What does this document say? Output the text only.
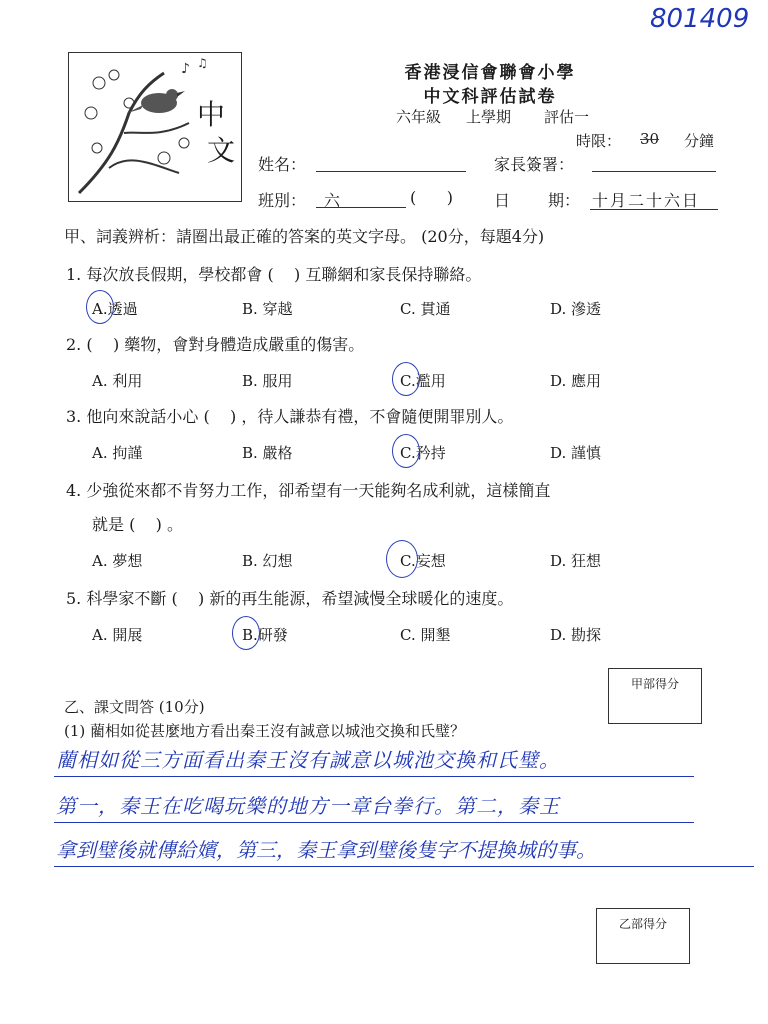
801409
♪ ♫
中
文
香港浸信會聯會小學
中文科評估試卷
六年級 上學期 評估一
時限： 30 分鐘
姓名：	家長簽署：
班別： 六	(      )	日 期： 十月二十六日
甲、詞義辨析：請圈出最正確的答案的英文字母。 (20分，每題4分)
1. 每次放長假期，學校都會 (    ) 互聯網和家長保持聯絡。
A.透過	B. 穿越	C. 貫通	D. 滲透
2. (    ) 藥物，會對身體造成嚴重的傷害。
A. 利用	B. 服用	C.濫用	D. 應用
3. 他向來說話小心 (    ) ，待人謙恭有禮，不會隨便開罪別人。
A. 拘謹	B. 嚴格	C.矜持	D. 謹慎
4. 少強從來都不肯努力工作，卻希望有一天能夠名成利就，這樣簡直
就是 (    ) 。
A. 夢想	B. 幻想	C.妄想	D. 狂想
5. 科學家不斷 (    ) 新的再生能源，希望減慢全球暖化的速度。
A. 開展	B.研發	C. 開墾	D. 勘探
甲部得分
乙、課文問答 (10分)
(1) 藺相如從甚麼地方看出秦王沒有誠意以城池交換和氏璧？
藺相如從三方面看出秦王沒有誠意以城池交換和氏璧。
第一，秦王在吃喝玩樂的地方一章台拳行。第二，秦王
拿到璧後就傳給嬪，第三，秦王拿到璧後隻字不提換城的事。
乙部得分
